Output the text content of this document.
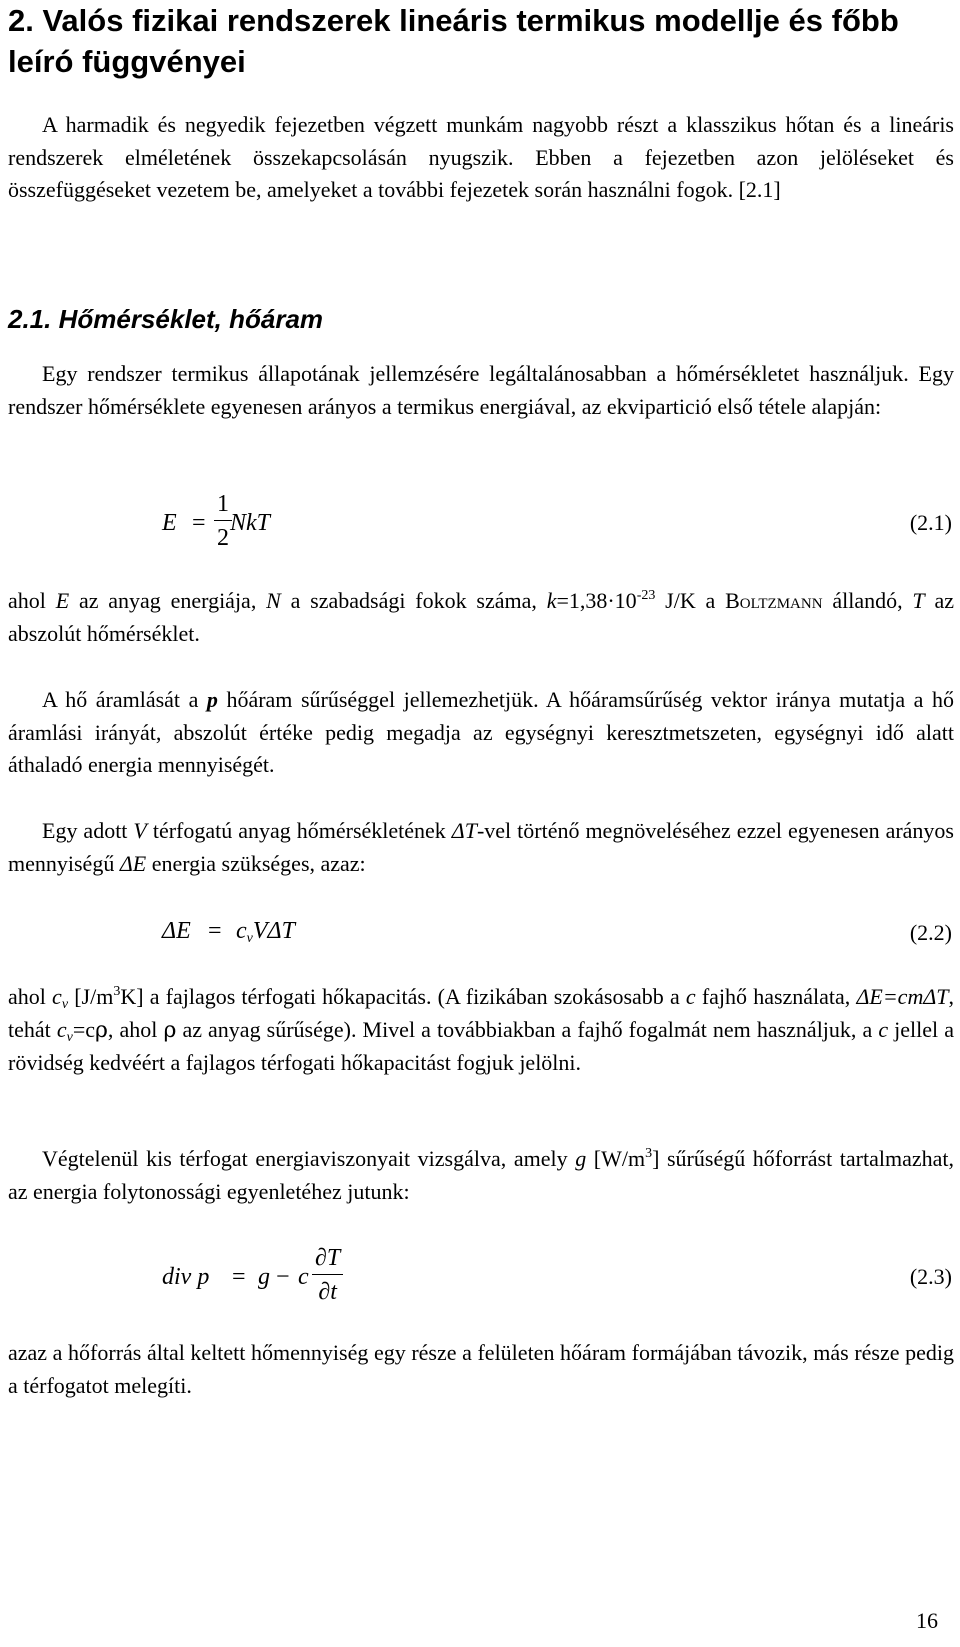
2. Valós fizikai rendszerek lineáris termikus modellje és főbb leíró függvényei

A harmadik és negyedik fejezetben végzett munkám nagyobb részt a klasszikus hőtan és a lineáris rendszerek elméletének összekapcsolásán nyugszik. Ebben a fejezetben azon jelöléseket és összefüggéseket vezetem be, amelyeket a további fejezetek során használni fogok. [2.1]

2.1. Hőmérséklet, hőáram

Egy rendszer termikus állapotának jellemzésére legáltalánosabban a hőmérsékletet használjuk. Egy rendszer hőmérséklete egyenesen arányos a termikus energiával, az ekvipartició első tétele alapján:

$E = \frac{1}{2}$
NkT	(2.1)

ahol E az anyag energiája, N a szabadsági fokok száma, $k=1,38\cdot 10^{-23}$ J/K a Boltzmann állandó, T az abszolút hőmérséklet.

A hő áramlását a p hőáram sűrűséggel jellemezhetjük. A hőáramsűrűség vektor iránya mutatja a hő áramlási irányát, abszolút értéke pedig megadja az egységnyi keresztmetszeten, egységnyi idő alatt áthaladó energia mennyiségét.

Egy adott V térfogatú anyag hőmérsékletének ΔT-vel történő megnöveléséhez ezzel egyenesen arányos mennyiségű ΔE energia szükséges, azaz:

$\Delta E = c_vV\Delta T$	(2.2)

ahol $c_v$ $[J/m^3K]$ a fajlagos térfogati hőkapacitás. (A fizikában szokásosabb a c fajhő használata, ΔE=cmΔT, tehát $c_v=c\rho$, ahol ρ az anyag sűrűsége). Mivel a továbbiakban a fajhő fogalmát nem használjuk, a c jellel a rövidség kedvéért a fajlagos térfogati hőkapacitást fogjuk jelölni.

Végtelenül kis térfogat energiaviszonyait vizsgálva, amely g $[W/m^3]$ sűrűségű hőforrást tartalmazhat, az energia folytonossági egyenletéhez jutunk:

div p = g − c $\frac{\partial T}{\partial t}$	(2.3)

azaz a hőforrás által keltett hőmennyiség egy része a felületen hőáram formájában távozik, más része pedig a térfogatot melegíti.

16
